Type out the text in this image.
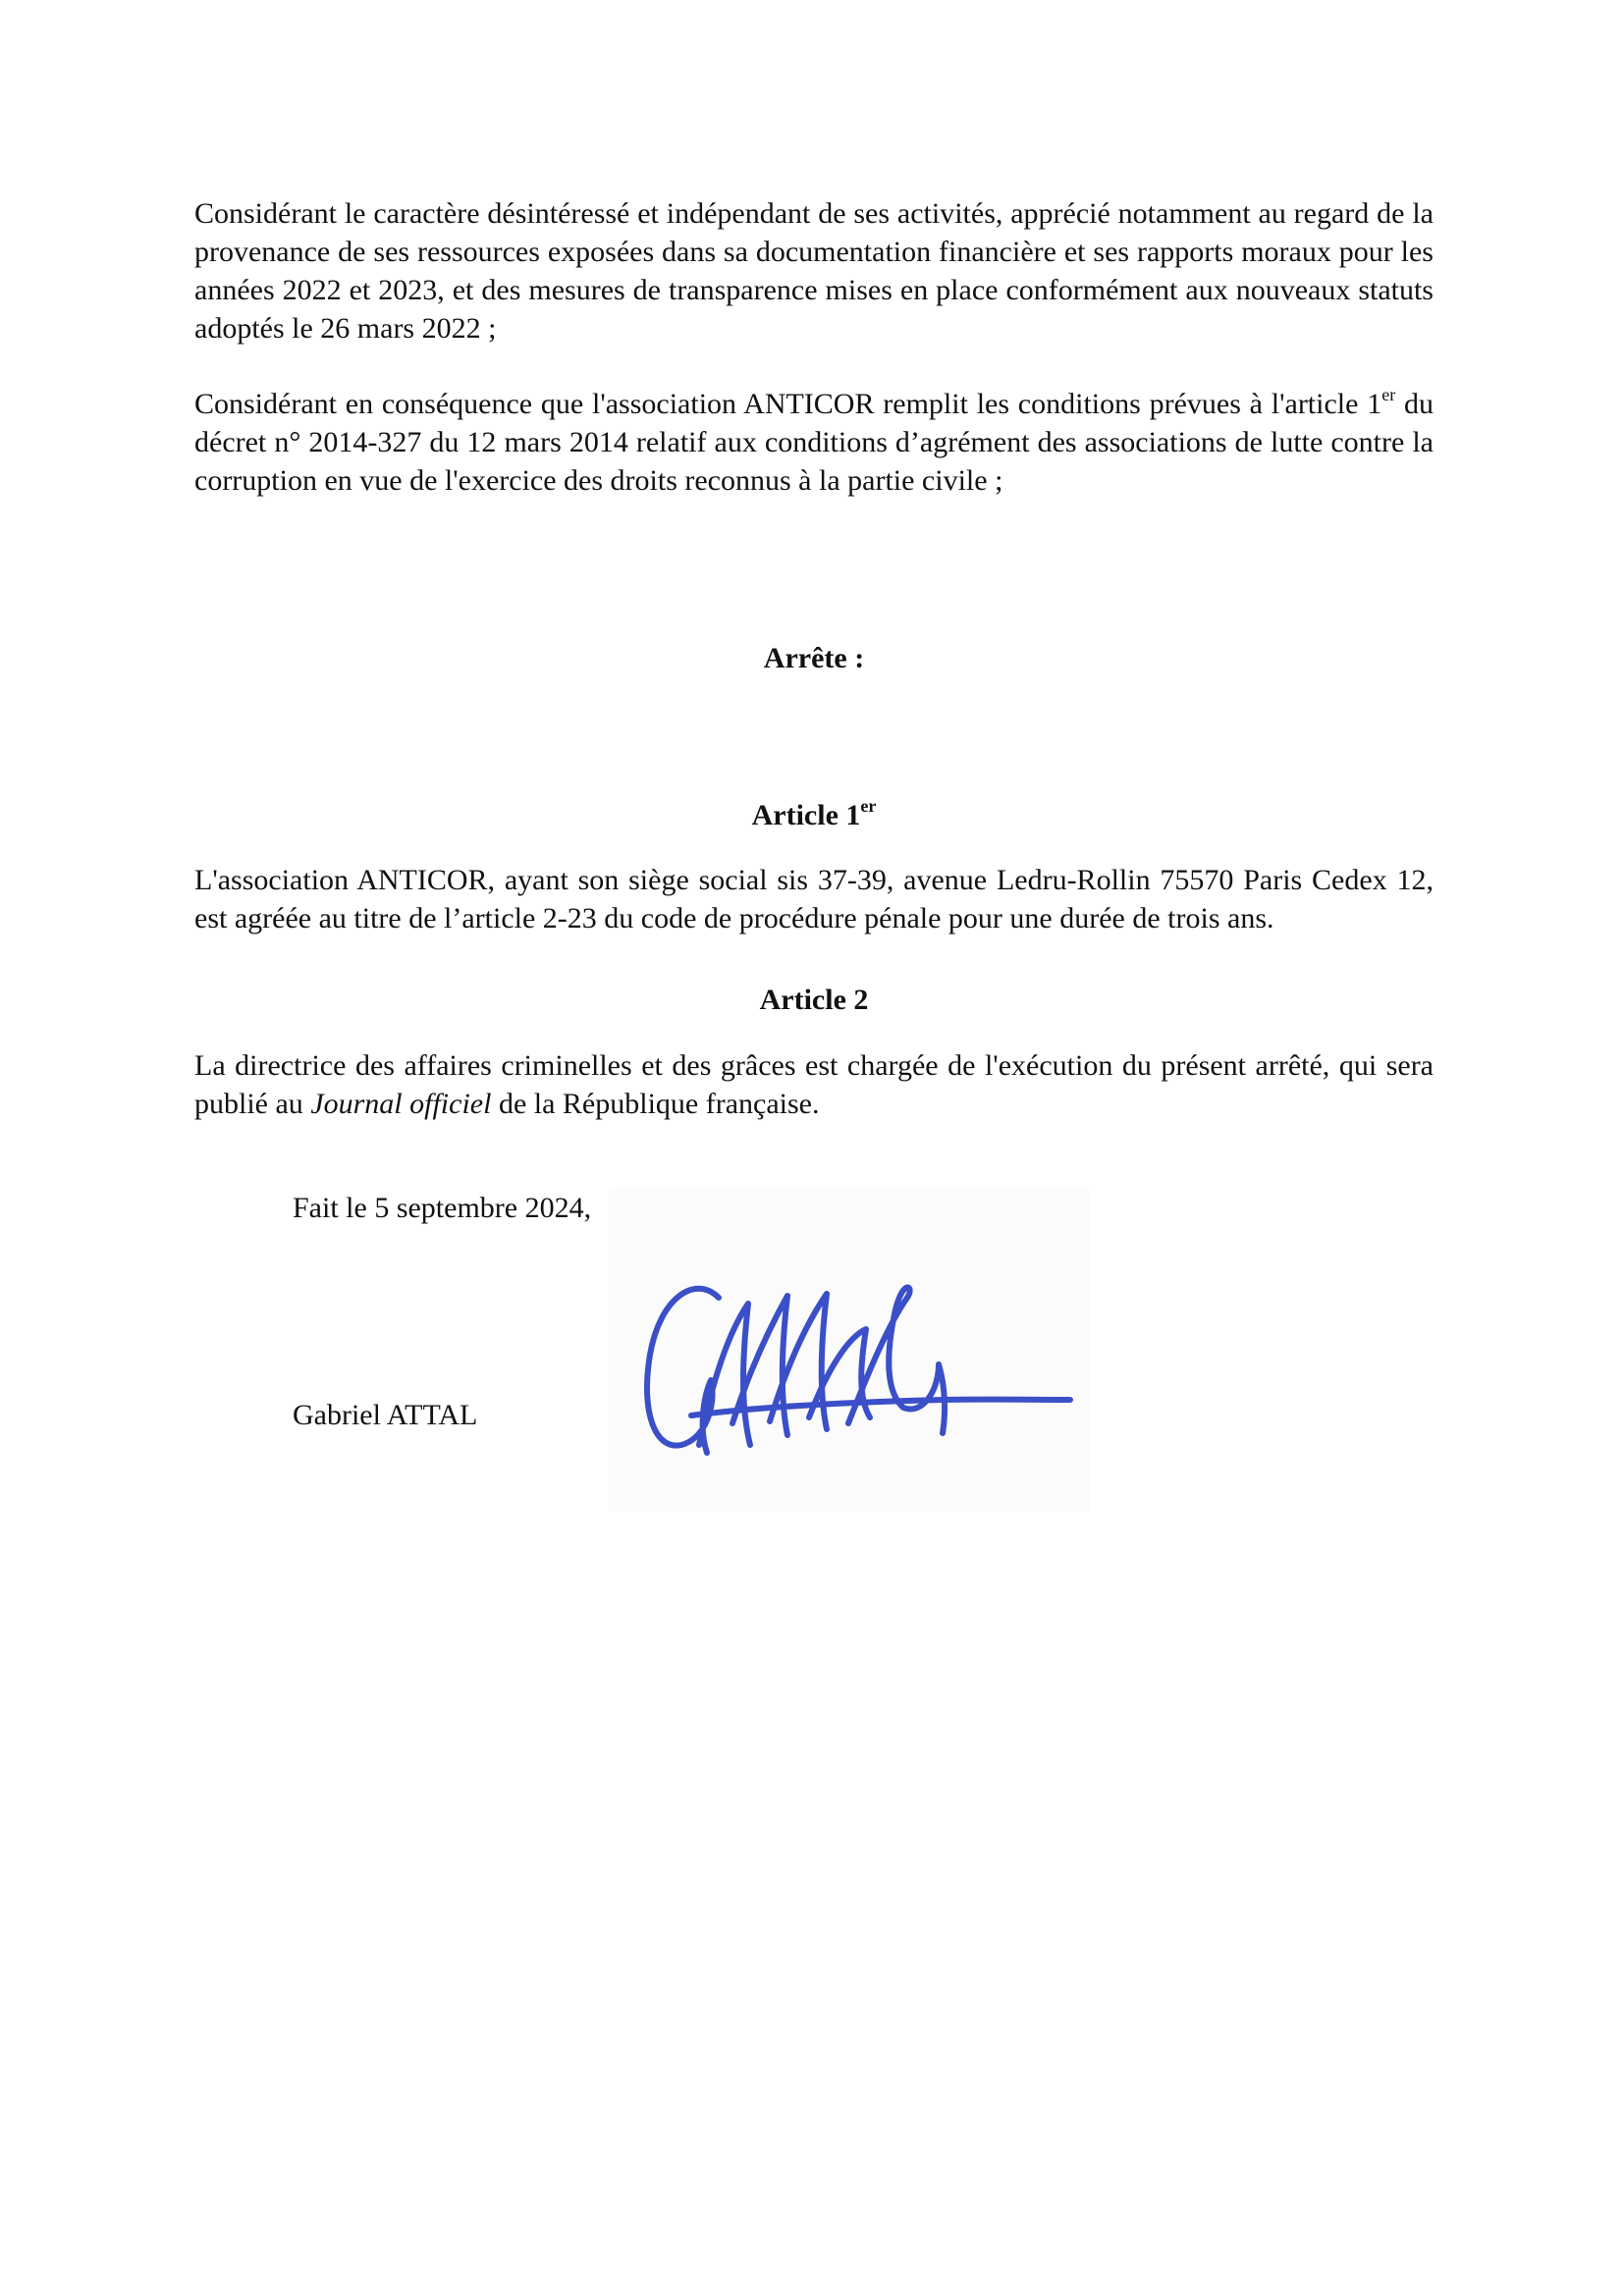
Considérant le caractère désintéressé et indépendant de ses activités, apprécié notamment au regard de la provenance de ses ressources exposées dans sa documentation financière et ses rapports moraux pour les années 2022 et 2023, et des mesures de transparence mises en place conformément aux nouveaux statuts adoptés le 26 mars 2022 ;

Considérant en conséquence que l'association ANTICOR remplit les conditions prévues à l'article 1er du décret n° 2014-327 du 12 mars 2014 relatif aux conditions d’agrément des associations de lutte contre la corruption en vue de l'exercice des droits reconnus à la partie civile ;

Arrête :

Article 1er

L'association ANTICOR, ayant son siège social sis 37-39, avenue Ledru-Rollin 75570 Paris Cedex 12, est agréée au titre de l’article 2-23 du code de procédure pénale pour une durée de trois ans.

Article 2

La directrice des affaires criminelles et des grâces est chargée de l'exécution du présent arrêté, qui sera publié au Journal officiel de la République française.

Fait le 5 septembre 2024,

Gabriel ATTAL
